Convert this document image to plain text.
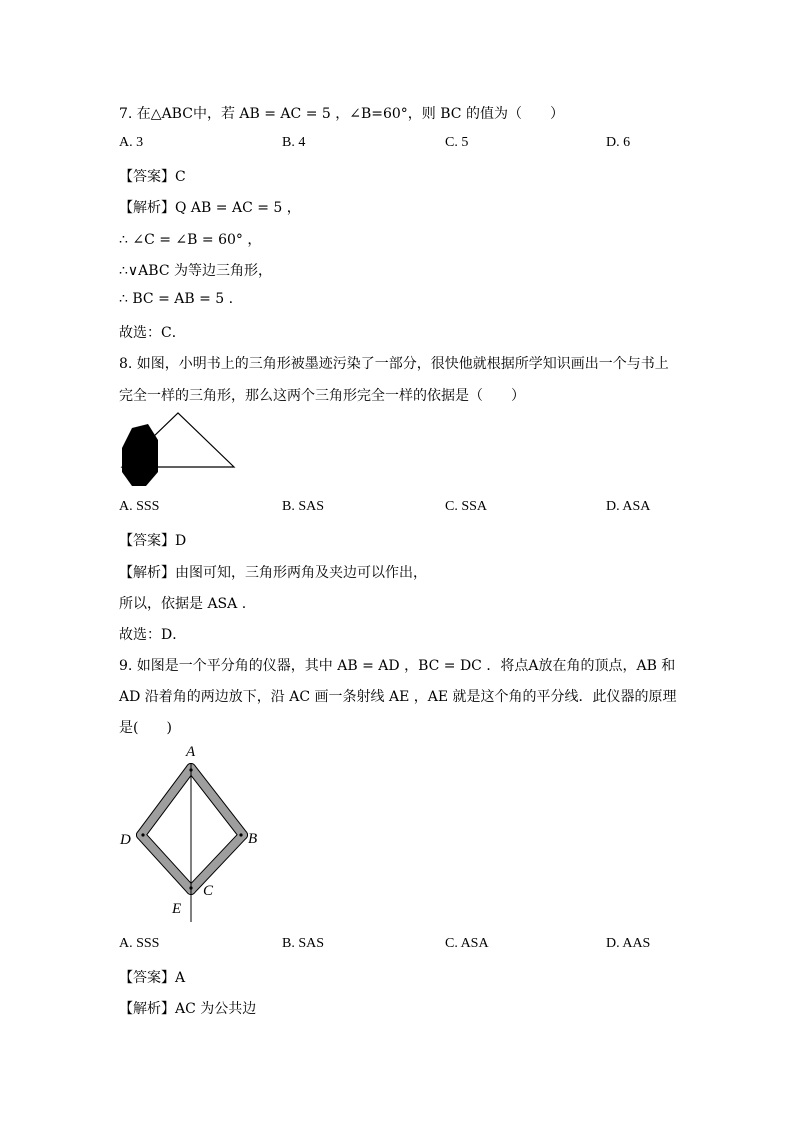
7. 在△ABC中，若 AB = AC = 5 ，∠B=60°，则 BC 的值为（　　）
A. 3	B. 4	C. 5	D. 6
【答案】C
【解析】Q AB = AC = 5 ，
∴ ∠C = ∠B = 60° ，
∴∨ABC 为等边三角形，
∴ BC = AB = 5 .
故选：C．
8. 如图，小明书上的三角形被墨迹污染了一部分，很快他就根据所学知识画出一个与书上
完全一样的三角形，那么这两个三角形完全一样的依据是（　　）
A. SSS	B. SAS	C. SSA	D. ASA
【答案】D
【解析】由图可知，三角形两角及夹边可以作出，
所以，依据是 ASA .
故选：D．
9. 如图是一个平分角的仪器，其中 AB = AD ，BC = DC ．将点A放在角的顶点，AB 和
AD 沿着角的两边放下，沿 AC 画一条射线 AE ，AE 就是这个角的平分线．此仪器的原理
是(　　)
A
D	B
C
E
A. SSS	B. SAS	C. ASA	D. AAS
【答案】A
【解析】AC 为公共边
